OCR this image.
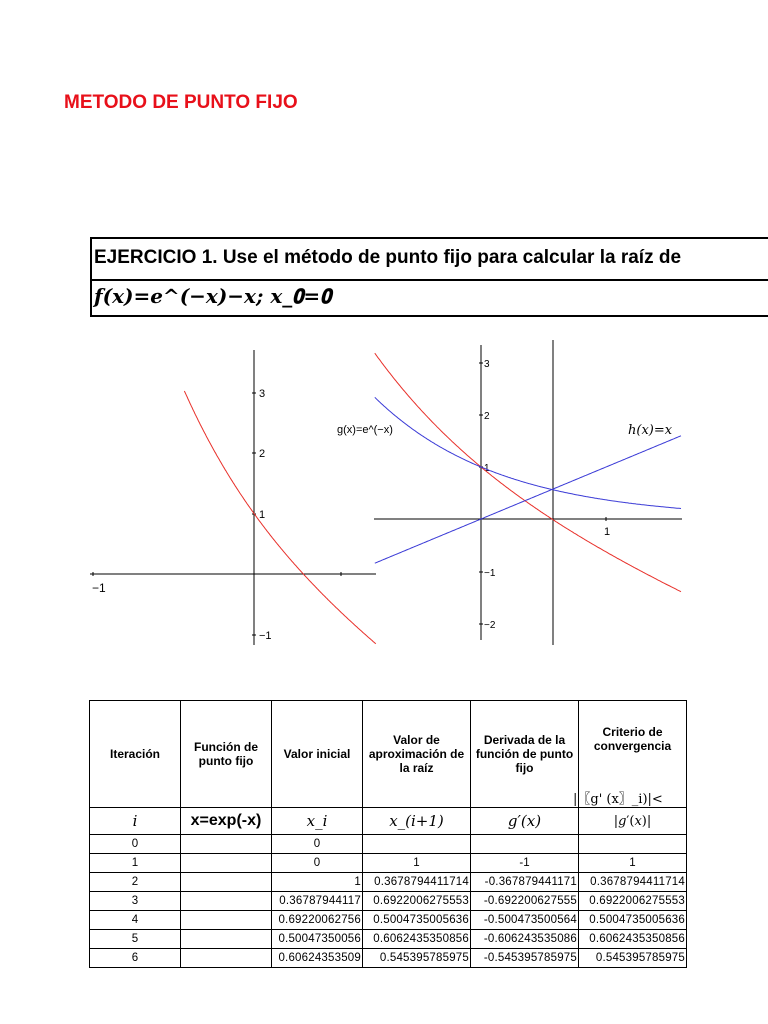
METODO DE PUNTO FIJO
EJERCICIO 1. Use el método de punto fijo para calcular la raíz de
𝒇(𝒙)=𝒆^(−𝒙)−𝒙; 𝒙_𝟎=𝟎
−1
3
2
1
−1
1
3
2
1
−1
−2
g(x)=e^(−x)	ℎ(𝑥)=𝑥
Iteración	Función de punto fijo	Valor inicial	Valor de aproximación de la raíz	Derivada de la función de punto fijo	Criterio de convergencia
|〖g' (x〗_i)|<

𝑖	x=exp(-x)	𝑥_𝑖	𝑥_(𝑖+1)	𝑔′(𝑥)	|𝑔′(𝑥)|
0		0			
1		0	1	-1	1
2		1	0.3678794411714	-0.367879441171	0.3678794411714
3		0.36787944117	0.6922006275553	-0.692200627555	0.6922006275553
4		0.69220062756	0.5004735005636	-0.500473500564	0.5004735005636
5		0.50047350056	0.6062435350856	-0.606243535086	0.6062435350856
6		0.60624353509	0.545395785975	-0.545395785975	0.545395785975
